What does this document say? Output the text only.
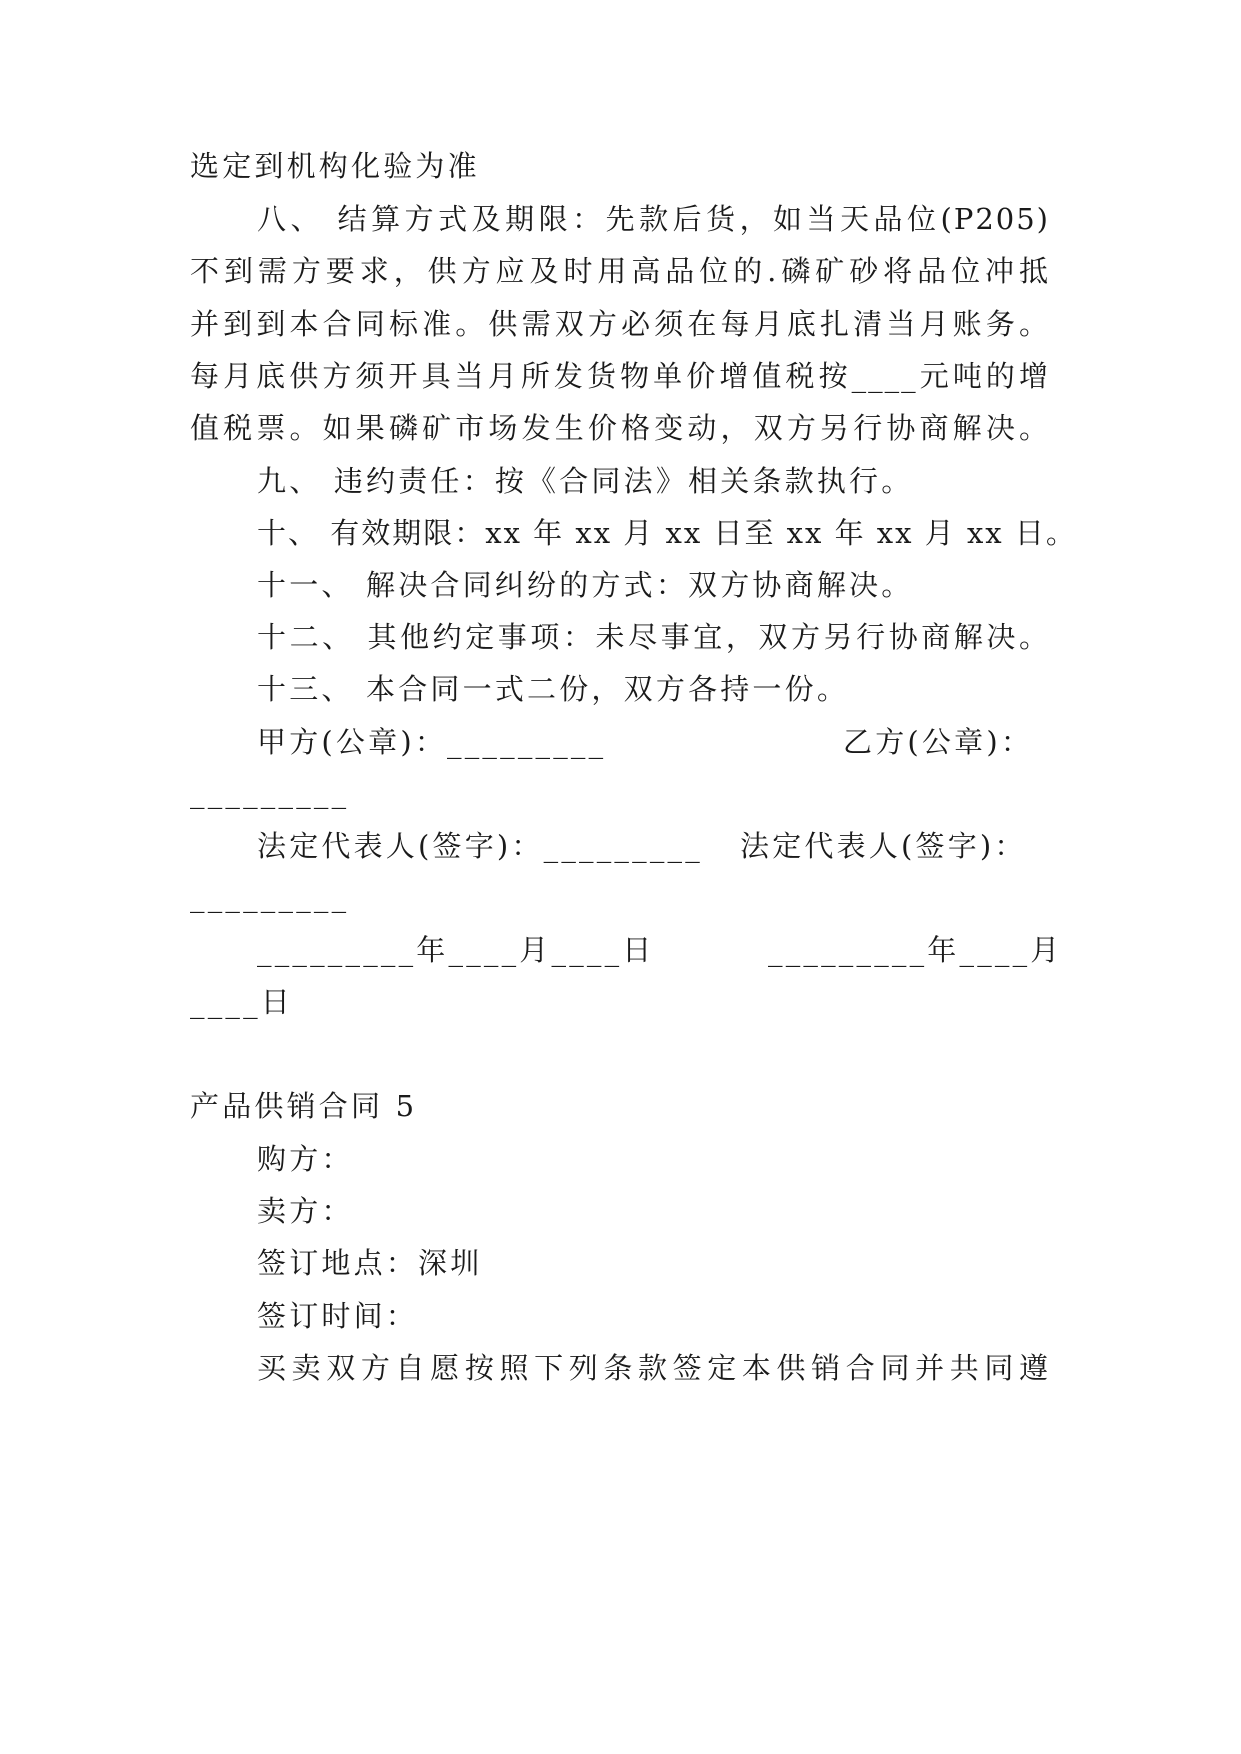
选定到机构化验为准
八、 结算方式及期限：先款后货，如当天品位(P205)
不到需方要求，供方应及时用高品位的.磷矿砂将品位冲抵
并到到本合同标准。供需双方必须在每月底扎清当月账务。
每月底供方须开具当月所发货物单价增值税按____元吨的增
值税票。如果磷矿市场发生价格变动，双方另行协商解决。
九、 违约责任：按《合同法》相关条款执行。
十、 有效期限：xx 年 xx 月 xx 日至 xx 年 xx 月 xx 日。
十一、 解决合同纠纷的方式：双方协商解决。
十二、 其他约定事项：未尽事宜，双方另行协商解决。
十三、 本合同一式二份，双方各持一份。
甲方(公章)：_________	乙方(公章)：
_________
法定代表人(签字)：_________ 法定代表人(签字)：
_________
_________年____月____日	_________年____月
____日
产品供销合同 5
购方：
卖方：
签订地点：深圳
签订时间：
买卖双方自愿按照下列条款签定本供销合同并共同遵
